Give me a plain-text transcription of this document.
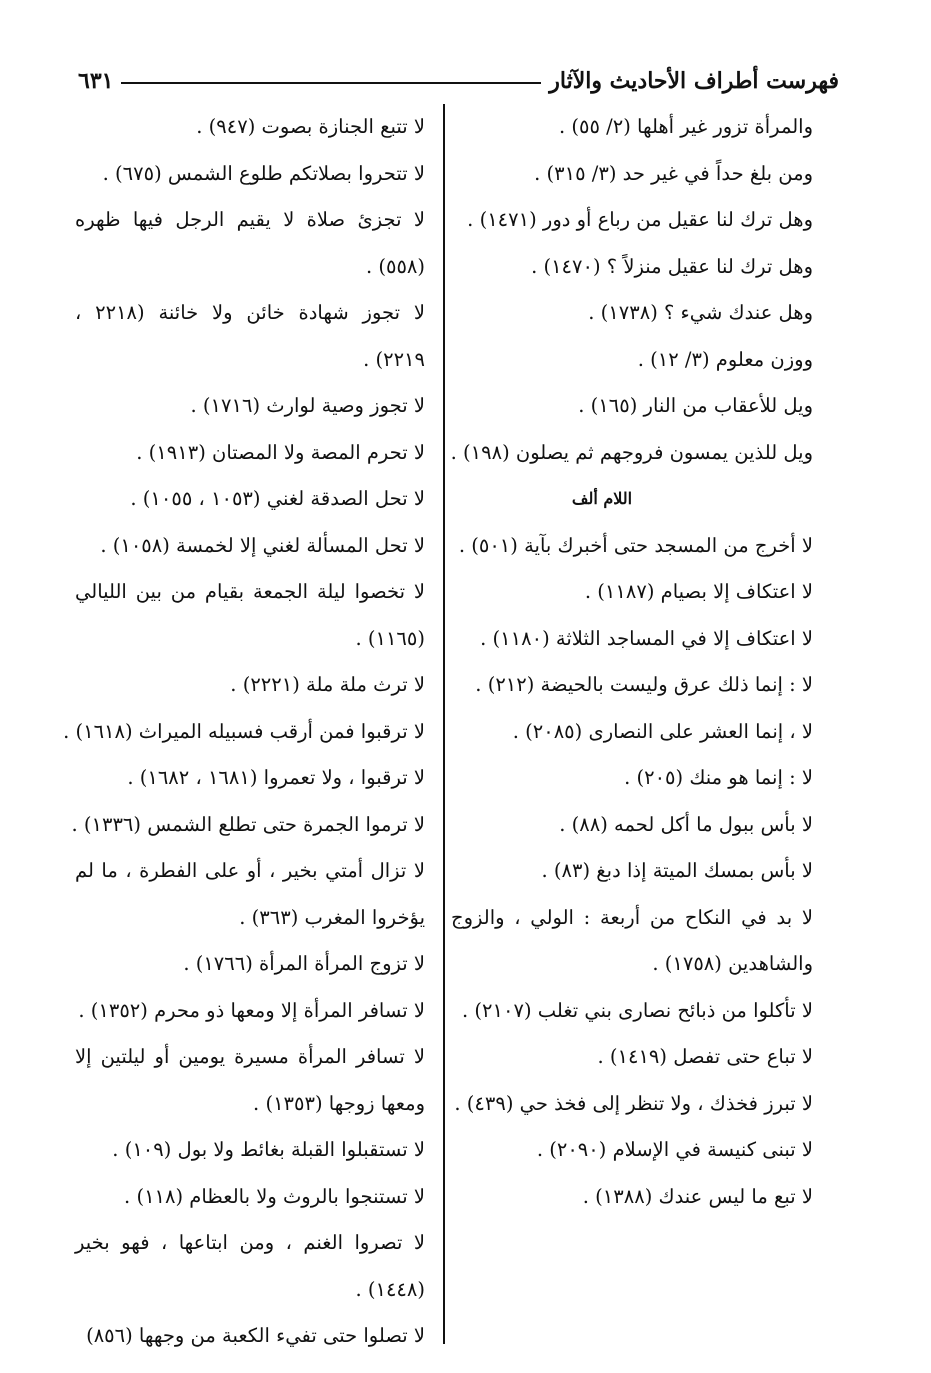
فهرست أطراف الأحاديث والآثار
٦٣١

والمرأة تزور غير أهلها (٢/ ٥٥) .

ومن بلغ حداً في غير حد (٣/ ٣١٥) .

وهل ترك لنا عقيل من رباع أو دور (١٤٧١) .

وهل ترك لنا عقيل منزلاً ؟ (١٤٧٠) .

وهل عندك شيء ؟ (١٧٣٨) .

ووزن معلوم (٣/ ١٢) .

ويل للأعقاب من النار (١٦٥) .

ويل للذين يمسون فروجهم ثم يصلون (١٩٨) .

اللام ألف

لا أخرج من المسجد حتى أخبرك بآية (٥٠١) .

لا اعتكاف إلا بصيام (١١٨٧) .

لا اعتكاف إلا في المساجد الثلاثة (١١٨٠) .

لا : إنما ذلك عرق وليست بالحيضة (٢١٢) .

لا ، إنما العشر على النصارى (٢٠٨٥) .

لا : إنما هو منك (٢٠٥) .

لا بأس ببول ما أكل لحمه (٨٨) .

لا بأس بمسك الميتة إذا دبغ (٨٣) .

لا بد في النكاح من أربعة : الولي ، والزوج والشاهدين (١٧٥٨) .

لا تأكلوا من ذبائح نصارى بني تغلب (٢١٠٧) .

لا تباع حتى تفصل (١٤١٩) .

لا تبرز فخذك ، ولا تنظر إلى فخذ حي (٤٣٩) .

لا تبنى كنيسة في الإسلام (٢٠٩٠) .

لا تبع ما ليس عندك (١٣٨٨) .

لا تتبع الجنازة بصوت (٩٤٧) .

لا تتحروا بصلاتكم طلوع الشمس (٦٧٥) .

لا تجزئ صلاة لا يقيم الرجل فيها ظهره (٥٥٨) .

لا تجوز شهادة خائن ولا خائنة (٢٢١٨ ، ٢٢١٩) .

لا تجوز وصية لوارث (١٧١٦) .

لا تحرم المصة ولا المصتان (١٩١٣) .

لا تحل الصدقة لغني (١٠٥٣ ، ١٠٥٥) .

لا تحل المسألة لغني إلا لخمسة (١٠٥٨) .

لا تخصوا ليلة الجمعة بقيام من بين الليالي (١١٦٥) .

لا ترث ملة ملة (٢٢٢١) .

لا ترقبوا فمن أرقب فسبيله الميراث (١٦١٨) .

لا ترقبوا ، ولا تعمروا (١٦٨١ ، ١٦٨٢) .

لا ترموا الجمرة حتى تطلع الشمس (١٣٣٦) .

لا تزال أمتي بخير ، أو على الفطرة ، ما لم يؤخروا المغرب (٣٦٣) .

لا تزوج المرأة المرأة (١٧٦٦) .

لا تسافر المرأة إلا ومعها ذو محرم (١٣٥٢) .

لا تسافر المرأة مسيرة يومين أو ليلتين إلا ومعها زوجها (١٣٥٣) .

لا تستقبلوا القبلة بغائط ولا بول (١٠٩) .

لا تستنجوا بالروث ولا بالعظام (١١٨) .

لا تصروا الغنم ، ومن ابتاعها ، فهو بخير (١٤٤٨) .

لا تصلوا حتى تفيء الكعبة من وجهها (٨٥٦)
